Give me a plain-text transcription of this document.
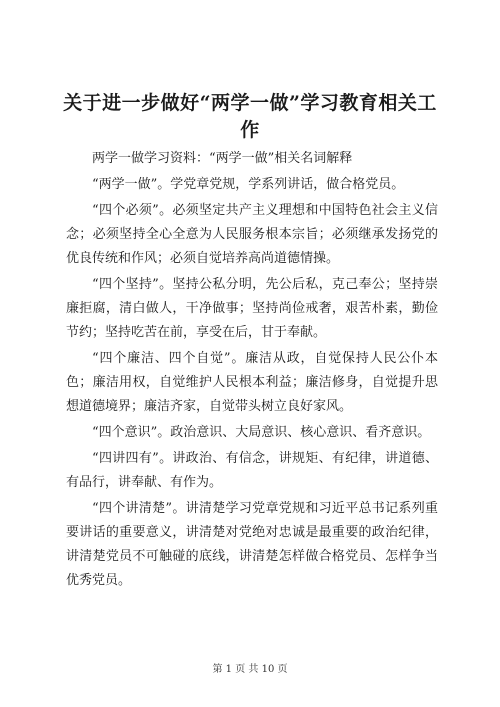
关于进一步做好“两学一做”学习教育相关工作

两学一做学习资料：“两学一做”相关名词解释

“两学一做”。学党章党规，学系列讲话，做合格党员。

“四个必须”。必须坚定共产主义理想和中国特色社会主义信念；必须坚持全心全意为人民服务根本宗旨；必须继承发扬党的优良传统和作风；必须自觉培养高尚道德情操。

“四个坚持”。坚持公私分明，先公后私，克己奉公；坚持崇廉拒腐，清白做人，干净做事；坚持尚俭戒奢，艰苦朴素，勤俭节约；坚持吃苦在前，享受在后，甘于奉献。

“四个廉洁、四个自觉”。廉洁从政，自觉保持人民公仆本色；廉洁用权，自觉维护人民根本利益；廉洁修身，自觉提升思想道德境界；廉洁齐家，自觉带头树立良好家风。

“四个意识”。政治意识、大局意识、核心意识、看齐意识。

“四讲四有”。讲政治、有信念，讲规矩、有纪律，讲道德、有品行，讲奉献、有作为。

“四个讲清楚”。讲清楚学习党章党规和习近平总书记系列重要讲话的重要意义，讲清楚对党绝对忠诚是最重要的政治纪律，讲清楚党员不可触碰的底线，讲清楚怎样做合格党员、怎样争当优秀党员。

第 1 页 共 10 页
